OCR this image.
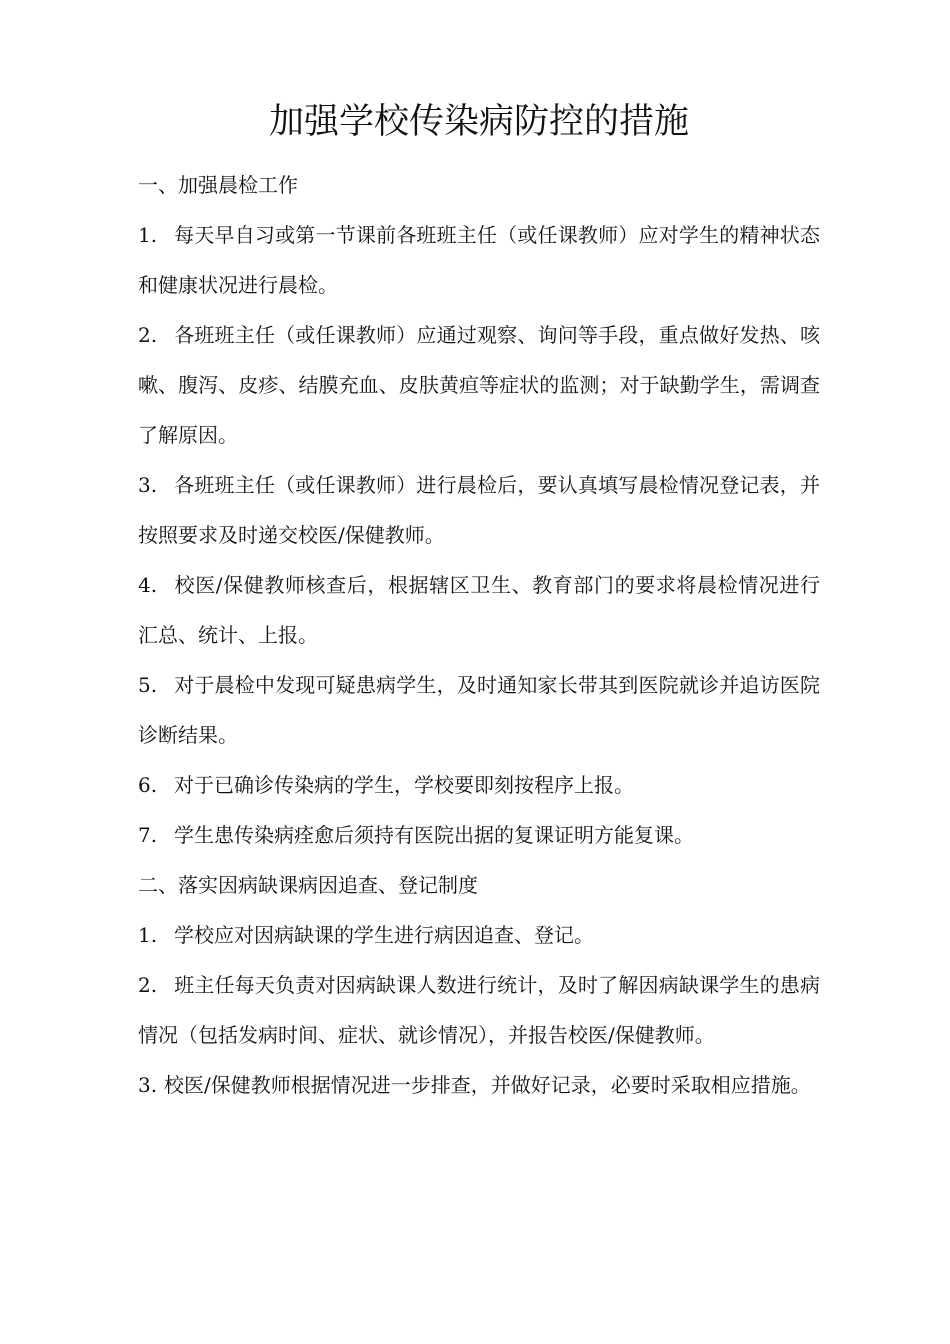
加强学校传染病防控的措施

一、加强晨检工作

1. 每天早自习或第一节课前各班班主任（或任课教师）应对学生的精神状态和健康状况进行晨检。

2. 各班班主任（或任课教师）应通过观察、询问等手段，重点做好发热、咳嗽、腹泻、皮疹、结膜充血、皮肤黄疸等症状的监测；对于缺勤学生，需调查了解原因。

3. 各班班主任（或任课教师）进行晨检后，要认真填写晨检情况登记表，并按照要求及时递交校医/保健教师。

4. 校医/保健教师核查后，根据辖区卫生、教育部门的要求将晨检情况进行汇总、统计、上报。

5. 对于晨检中发现可疑患病学生，及时通知家长带其到医院就诊并追访医院诊断结果。

6. 对于已确诊传染病的学生，学校要即刻按程序上报。

7. 学生患传染病痊愈后须持有医院出据的复课证明方能复课。

二、落实因病缺课病因追查、登记制度

1. 学校应对因病缺课的学生进行病因追查、登记。

2. 班主任每天负责对因病缺课人数进行统计，及时了解因病缺课学生的患病情况（包括发病时间、症状、就诊情况），并报告校医/保健教师。

3. 校医/保健教师根据情况进一步排查，并做好记录，必要时采取相应措施。
